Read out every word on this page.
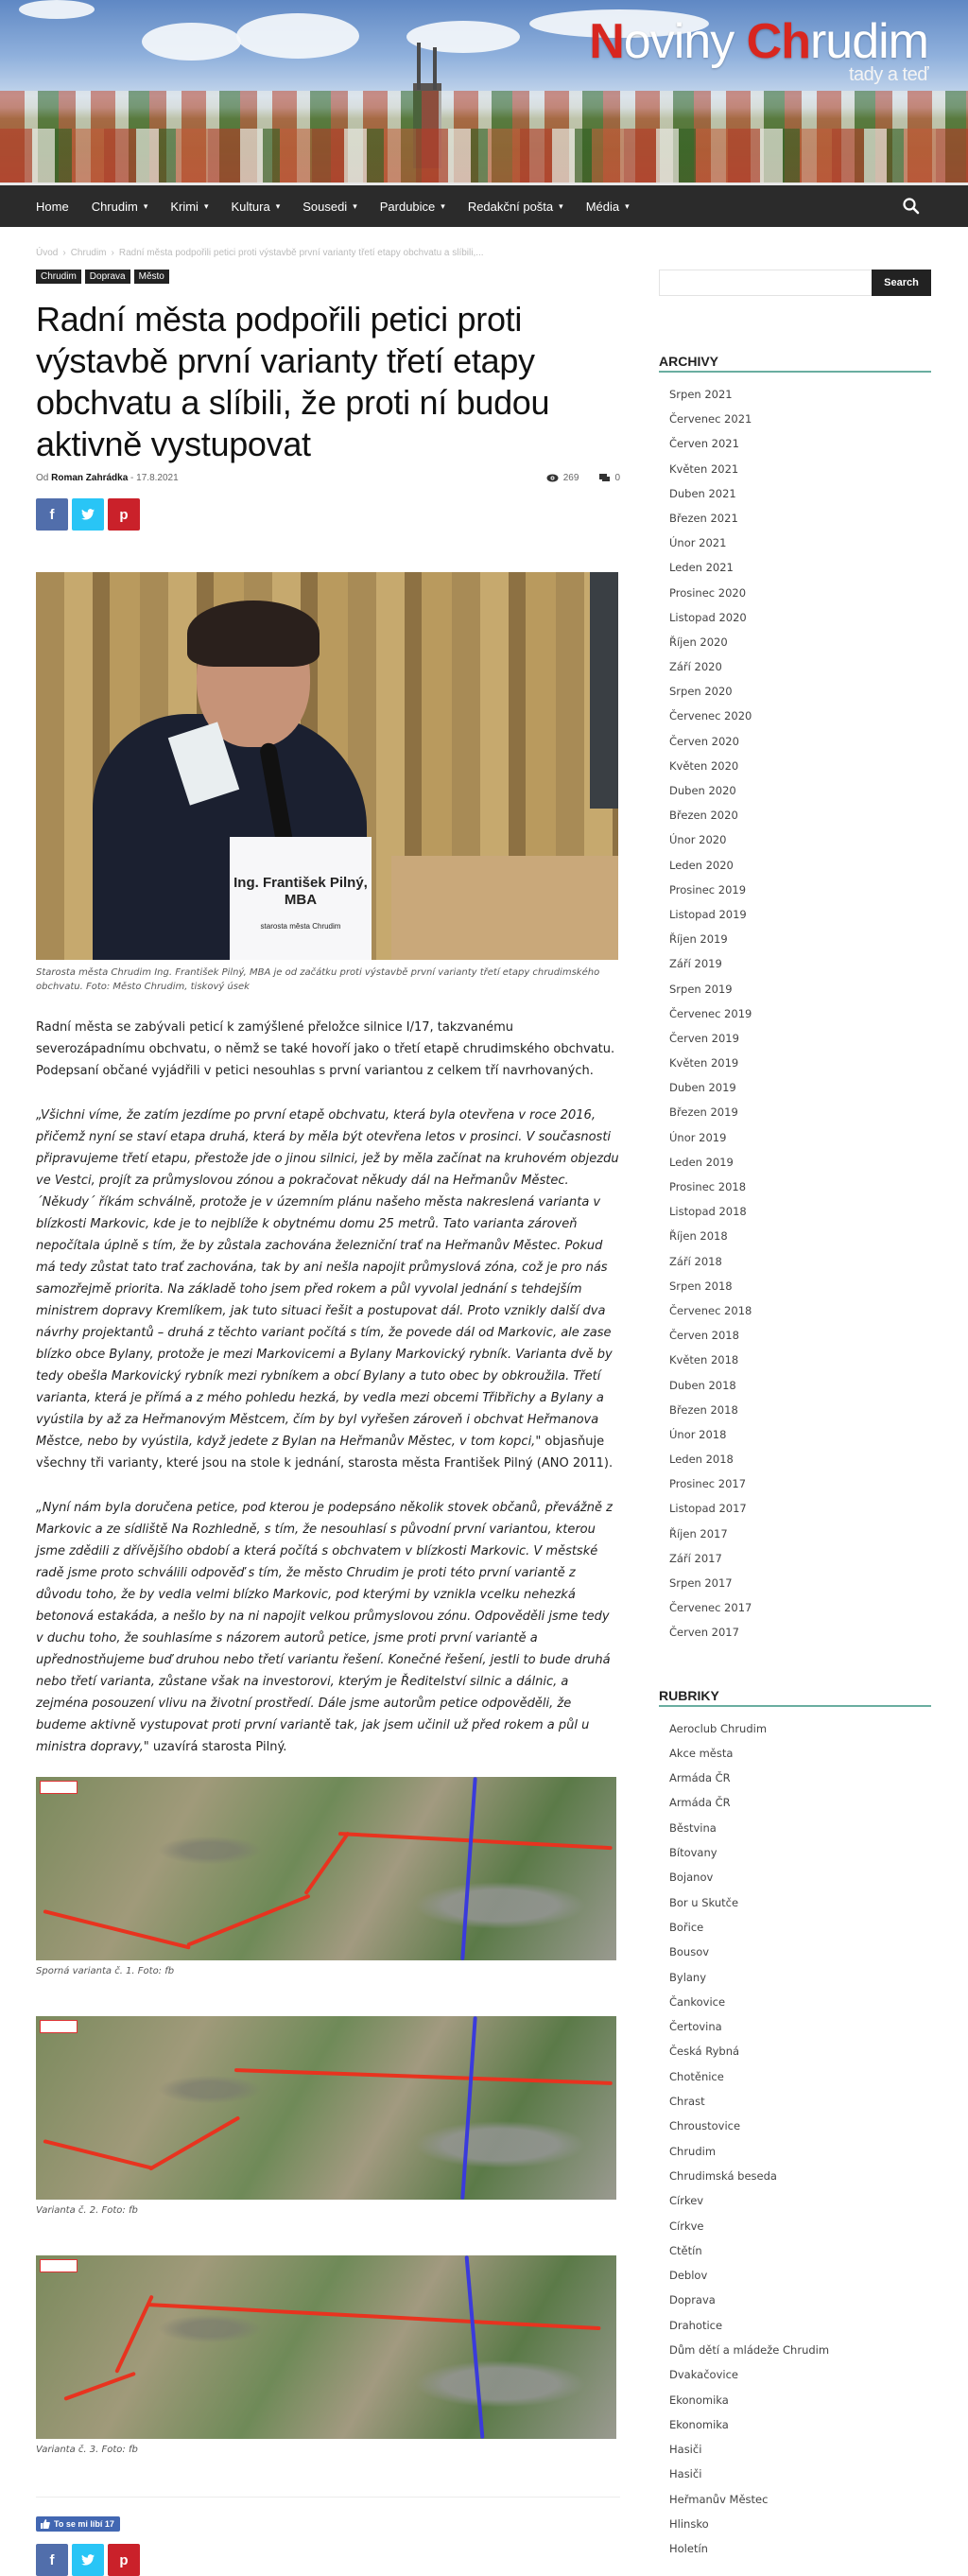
Noviny Chrudim
tady a teď
Home Chrudim ▾ Krimi ▾ Kultura ▾ Sousedi ▾ Pardubice ▾ Redakční pošta ▾ Média ▾
Úvod › Chrudim › Radní města podpořili petici proti výstavbě první varianty třetí etapy obchvatu a slíbili,...
Chrudim	Doprava	Město
Radní města podpořili petici proti výstavbě první varianty třetí etapy obchvatu a slíbili, že proti ní budou aktivně vystupovat
Od Roman Zahrádka - 17.8.2021	269	0
f	p
Ing. František Pilný,
MBA
starosta města Chrudim
Starosta města Chrudim Ing. František Pilný, MBA je od začátku proti výstavbě první varianty třetí etapy chrudimského obchvatu. Foto: Město Chrudim, tiskový úsek

Radní města se zabývali peticí k zamýšlené přeložce silnice I/17, takzvanému severozápadnímu obchvatu, o němž se také hovoří jako o třetí etapě chrudimského obchvatu. Podepsaní občané vyjádřili v petici nesouhlas s první variantou z celkem tří navrhovaných.

„Všichni víme, že zatím jezdíme po první etapě obchvatu, která byla otevřena v roce 2016, přičemž nyní se staví etapa druhá, která by měla být otevřena letos v prosinci. V současnosti připravujeme třetí etapu, přestože jde o jinou silnici, jež by měla začínat na kruhovém objezdu ve Vestci, projít za průmyslovou zónou a pokračovat někudy dál na Heřmanův Městec. ´Někudy´ říkám schválně, protože je v územním plánu našeho města nakreslená varianta v blízkosti Markovic, kde je to nejblíže k obytnému domu 25 metrů. Tato varianta zároveň nepočítala úplně s tím, že by zůstala zachována železniční trať na Heřmanův Městec. Pokud má tedy zůstat tato trať zachována, tak by ani nešla napojit průmyslová zóna, což je pro nás samozřejmě priorita. Na základě toho jsem před rokem a půl vyvolal jednání s tehdejším ministrem dopravy Kremlíkem, jak tuto situaci řešit a postupovat dál. Proto vznikly další dva návrhy projektantů – druhá z těchto variant počítá s tím, že povede dál od Markovic, ale zase blízko obce Bylany, protože je mezi Markovicemi a Bylany Markovický rybník. Varianta dvě by tedy obešla Markovický rybník mezi rybníkem a obcí Bylany a tuto obec by obkroužila. Třetí varianta, která je přímá a z mého pohledu hezká, by vedla mezi obcemi Třibřichy a Bylany a vyústila by až za Heřmanovým Městcem, čím by byl vyřešen zároveň i obchvat Heřmanova Městce, nebo by vyústila, když jedete z Bylan na Heřmanův Městec, v tom kopci," objasňuje všechny tři varianty, které jsou na stole k jednání, starosta města František Pilný (ANO 2011).

„Nyní nám byla doručena petice, pod kterou je podepsáno několik stovek občanů, převážně z Markovic a ze sídliště Na Rozhledně, s tím, že nesouhlasí s původní první variantou, kterou jsme zdědili z dřívějšího období a která počítá s obchvatem v blízkosti Markovic. V městské radě jsme proto schválili odpověď s tím, že město Chrudim je proti této první variantě z důvodu toho, že by vedla velmi blízko Markovic, pod kterými by vznikla vcelku nehezká betonová estakáda, a nešlo by na ni napojit velkou průmyslovou zónu. Odpověděli jsme tedy v duchu toho, že souhlasíme s názorem autorů petice, jsme proti první variantě a upřednostňujeme buď druhou nebo třetí variantu řešení. Konečné řešení, jestli to bude druhá nebo třetí varianta, zůstane však na investorovi, kterým je Ředitelství silnic a dálnic, a zejména posouzení vlivu na životní prostředí. Dále jsme autorům petice odpověděli, že budeme aktivně vystupovat proti první variantě tak, jak jsem učinil už před rokem a půl u ministra dopravy," uzavírá starosta Pilný.

Sporná varianta č. 1. Foto: fb
Varianta č. 2. Foto: fb
Varianta č. 3. Foto: fb
To se mi líbí 17
f	p
Search
ARCHIVY
Srpen 2021
Červenec 2021
Červen 2021
Květen 2021
Duben 2021
Březen 2021
Únor 2021
Leden 2021
Prosinec 2020
Listopad 2020
Říjen 2020
Září 2020
Srpen 2020
Červenec 2020
Červen 2020
Květen 2020
Duben 2020
Březen 2020
Únor 2020
Leden 2020
Prosinec 2019
Listopad 2019
Říjen 2019
Září 2019
Srpen 2019
Červenec 2019
Červen 2019
Květen 2019
Duben 2019
Březen 2019
Únor 2019
Leden 2019
Prosinec 2018
Listopad 2018
Říjen 2018
Září 2018
Srpen 2018
Červenec 2018
Červen 2018
Květen 2018
Duben 2018
Březen 2018
Únor 2018
Leden 2018
Prosinec 2017
Listopad 2017
Říjen 2017
Září 2017
Srpen 2017
Červenec 2017
Červen 2017
RUBRIKY
Aeroclub Chrudim
Akce města
Armáda ČR
Armáda ČR
Běstvina
Bítovany
Bojanov
Bor u Skutče
Bořice
Bousov
Bylany
Čankovice
Čertovina
Česká Rybná
Chotěnice
Chrast
Chroustovice
Chrudim
Chrudimská beseda
Církev
Církve
Ctětín
Deblov
Doprava
Drahotice
Dům dětí a mládeže Chrudim
Dvakačovice
Ekonomika
Ekonomika
Hasiči
Hasiči
Heřmanův Městec
Hlinsko
Holetín
